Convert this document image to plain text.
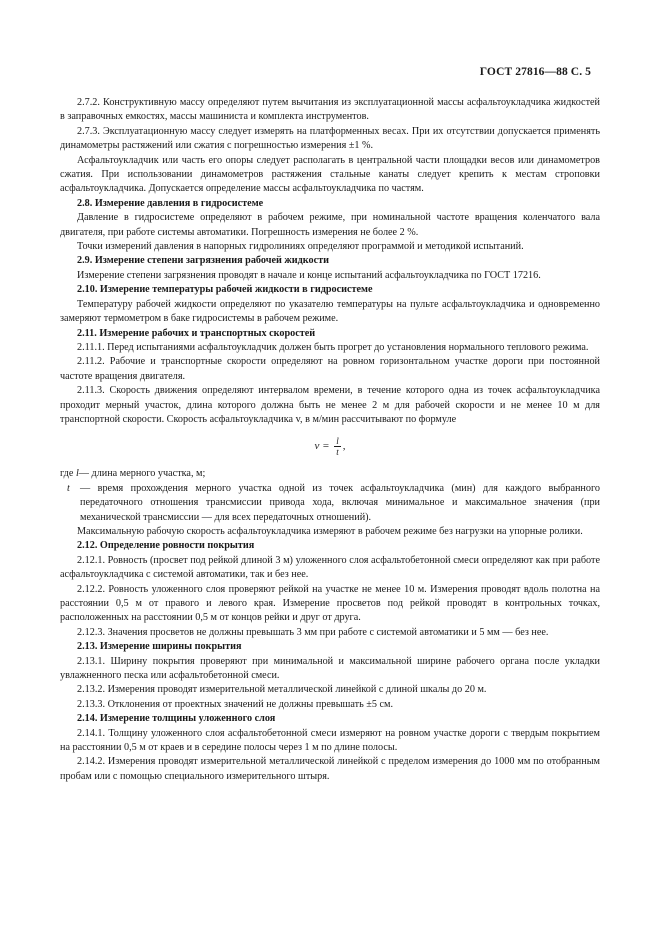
ГОСТ 27816—88 С. 5

2.7.2. Конструктивную массу определяют путем вычитания из эксплуатационной массы асфальтоукладчика жидкостей в заправочных емкостях, массы машиниста и комплекта инструментов.

2.7.3. Эксплуатационную массу следует измерять на платформенных весах. При их отсутствии допускается применять динамометры растяжений или сжатия с погрешностью измерения ±1 %.

Асфальтоукладчик или часть его опоры следует располагать в центральной части площадки весов или динамометров сжатия. При использовании динамометров растяжения стальные канаты следует крепить к местам строповки асфальтоукладчика. Допускается определение массы асфальтоукладчика по частям.

2.8. Измерение давления в гидросистеме

Давление в гидросистеме определяют в рабочем режиме, при номинальной частоте вращения коленчатого вала двигателя, при работе системы автоматики. Погрешность измерения не более 2 %.

Точки измерений давления в напорных гидролиниях определяют программой и методикой испытаний.

2.9. Измерение степени загрязнения рабочей жидкости

Измерение степени загрязнения проводят в начале и конце испытаний асфальтоукладчика по ГОСТ 17216.

2.10. Измерение температуры рабочей жидкости в гидросистеме

Температуру рабочей жидкости определяют по указателю температуры на пульте асфальтоукладчика и одновременно замеряют термометром в баке гидросистемы в рабочем режиме.

2.11. Измерение рабочих и транспортных скоростей

2.11.1. Перед испытаниями асфальтоукладчик должен быть прогрет до установления нормального теплового режима.

2.11.2. Рабочие и транспортные скорости определяют на ровном горизонтальном участке дороги при постоянной частоте вращения двигателя.

2.11.3. Скорость движения определяют интервалом времени, в течение которого одна из точек асфальтоукладчика проходит мерный участок, длина которого должна быть не менее 2 м для рабочей скорости и не менее 10 м для транспортной скорости. Скорость асфальтоукладчика v, в м/мин рассчитывают по формуле

$v = \frac{l}{t}$ ,
где
l — длина мерного участка, м;
t — время прохождения мерного участка одной из точек асфальтоукладчика (мин) для каждого выбранного передаточного отношения трансмиссии привода хода, включая минимальное и максимальное значения (при механической трансмиссии — для всех передаточных отношений).

Максимальную рабочую скорость асфальтоукладчика измеряют в рабочем режиме без нагрузки на упорные ролики.

2.12. Определение ровности покрытия

2.12.1. Ровность (просвет под рейкой длиной 3 м) уложенного слоя асфальтобетонной смеси определяют как при работе асфальтоукладчика с системой автоматики, так и без нее.

2.12.2. Ровность уложенного слоя проверяют рейкой на участке не менее 10 м. Измерения проводят вдоль полотна на расстоянии 0,5 м от правого и левого края. Измерение просветов под рейкой проводят в контрольных точках, расположенных на расстоянии 0,5 м от концов рейки и друг от друга.

2.12.3. Значения просветов не должны превышать 3 мм при работе с системой автоматики и 5 мм — без нее.

2.13. Измерение ширины покрытия

2.13.1. Ширину покрытия проверяют при минимальной и максимальной ширине рабочего органа после укладки увлажненного песка или асфальтобетонной смеси.

2.13.2. Измерения проводят измерительной металлической линейкой с длиной шкалы до 20 м.

2.13.3. Отклонения от проектных значений не должны превышать ±5 см.

2.14. Измерение толщины уложенного слоя

2.14.1. Толщину уложенного слоя асфальтобетонной смеси измеряют на ровном участке дороги с твердым покрытием на расстоянии 0,5 м от краев и в середине полосы через 1 м по длине полосы.

2.14.2. Измерения проводят измерительной металлической линейкой с пределом измерения до 1000 мм по отобранным пробам или с помощью специального измерительного штыря.
